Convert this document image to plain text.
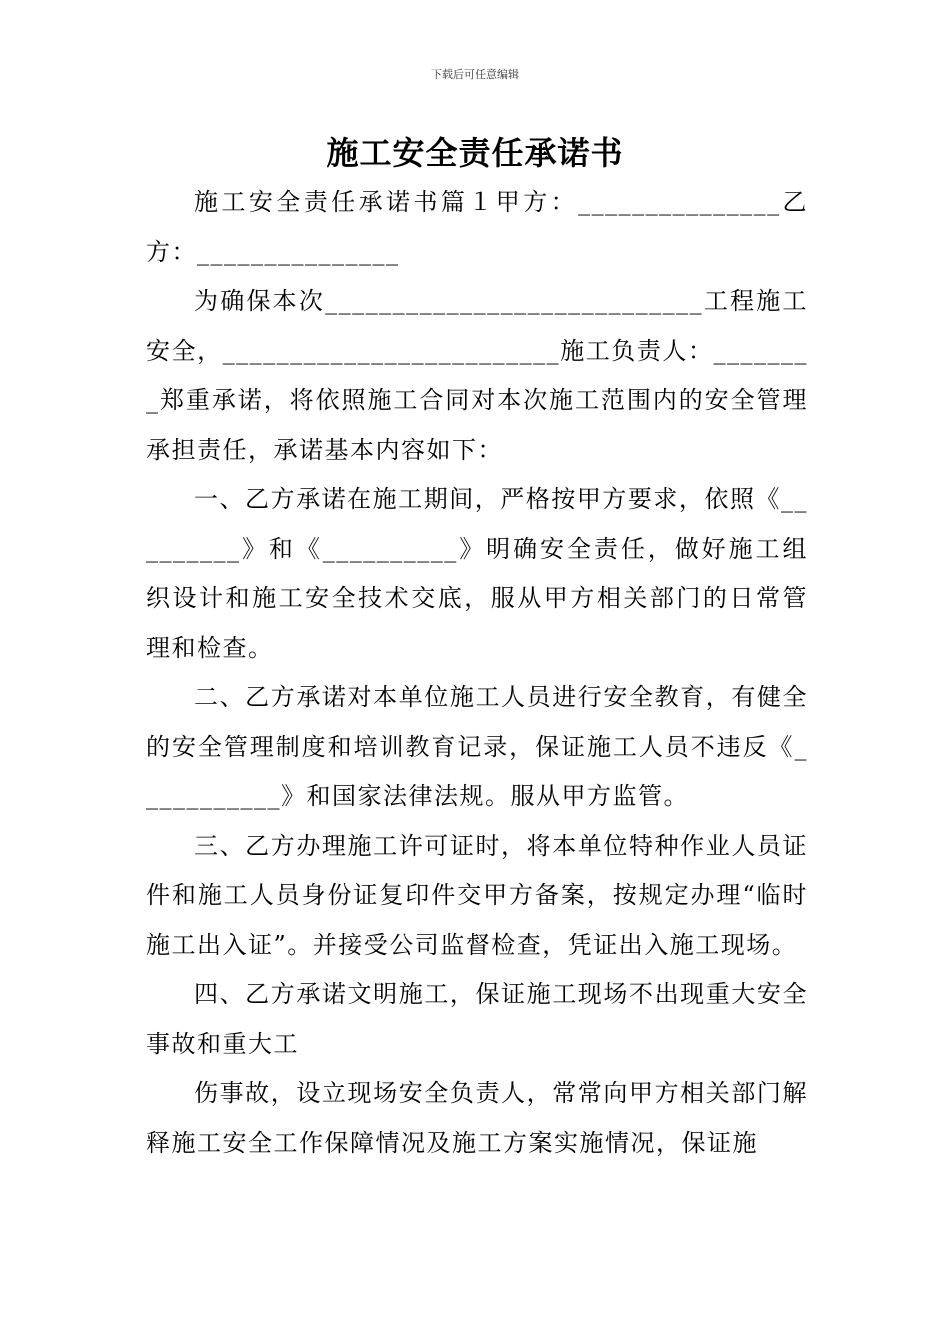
下载后可任意编辑
施工安全责任承诺书

施工安全责任承诺书篇１甲方：_______________乙方：_______________

为确保本次____________________________工程施工安全，_________________________施工负责人：________郑重承诺，将依照施工合同对本次施工范围内的安全管理承担责任，承诺基本内容如下：

一、乙方承诺在施工期间，严格按甲方要求，依照《_________》和《__________》明确安全责任，做好施工组织设计和施工安全技术交底，服从甲方相关部门的日常管理和检查。

二、乙方承诺对本单位施工人员进行安全教育，有健全的安全管理制度和培训教育记录，保证施工人员不违反《___________》和国家法律法规。服从甲方监管。

三、乙方办理施工许可证时，将本单位特种作业人员证件和施工人员身份证复印件交甲方备案，按规定办理“临时施工出入证”。并接受公司监督检查，凭证出入施工现场。

四、乙方承诺文明施工，保证施工现场不出现重大安全事故和重大工

伤事故，设立现场安全负责人，常常向甲方相关部门解释施工安全工作保障情况及施工方案实施情况，保证施
